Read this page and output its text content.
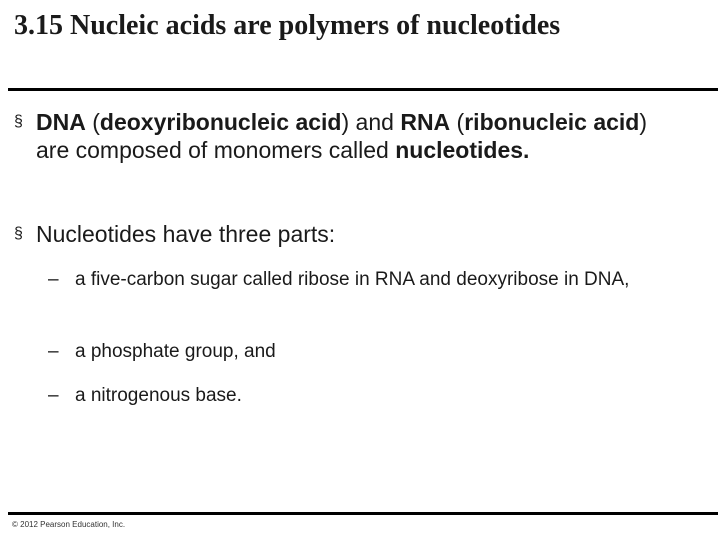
3.15 Nucleic acids are polymers of nucleotides
§ DNA (deoxyribonucleic acid) and RNA (ribonucleic acid) are composed of monomers called nucleotides.
§ Nucleotides have three parts:
– a five-carbon sugar called ribose in RNA and deoxyribose in DNA,
– a phosphate group, and
– a nitrogenous base.
© 2012 Pearson Education, Inc.
